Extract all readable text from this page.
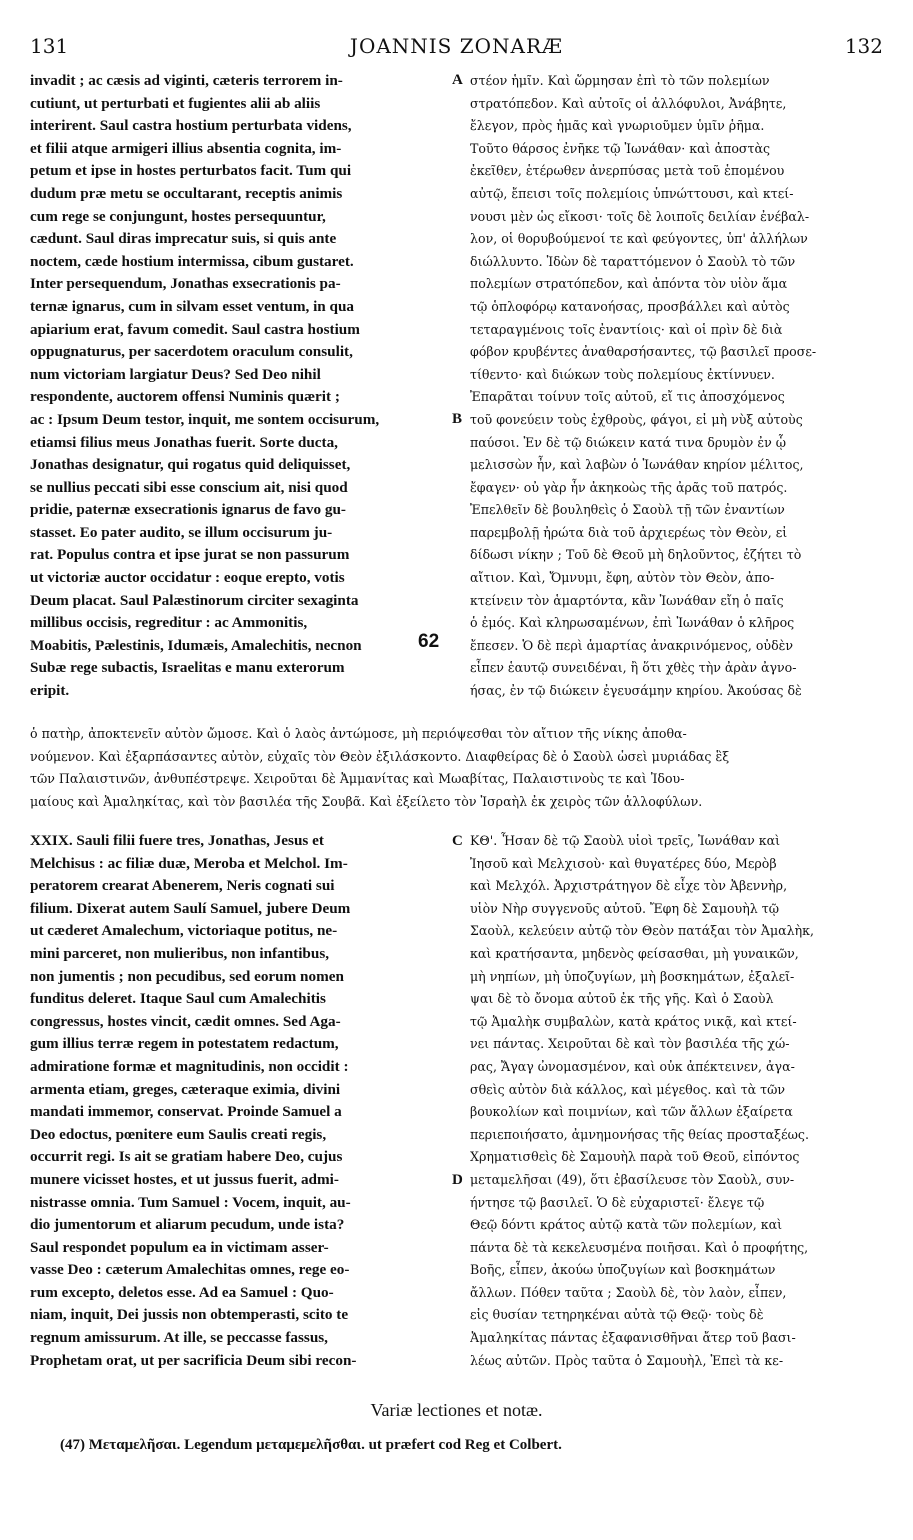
131	JOANNIS ZONARÆ	132
invadit ; ac cæsis ad viginti, cæteris terrorem in-
cutiunt, ut perturbati et fugientes alii ab aliis
interirent. Saul castra hostium perturbata videns,
et filii atque armigeri illius absentia cognita, im-
petum et ipse in hostes perturbatos facit. Tum qui
dudum præ metu se occultarant, receptis animis
cum rege se conjungunt, hostes persequuntur,
cædunt. Saul diras imprecatur suis, si quis ante
noctem, cæde hostium intermissa, cibum gustaret.
Inter persequendum, Jonathas exsecrationis pa-
ternæ ignarus, cum in silvam esset ventum, in qua
apiarium erat, favum comedit. Saul castra hostium
oppugnaturus, per sacerdotem oraculum consulit,
num victoriam largiatur Deus? Sed Deo nihil
respondente, auctorem offensi Numinis quærit ;
ac : Ipsum Deum testor, inquit, me sontem occisurum,
etiamsi filius meus Jonathas fuerit. Sorte ducta,
Jonathas designatur, qui rogatus quid deliquisset,
se nullius peccati sibi esse conscium ait, nisi quod
pridie, paternæ exsecrationis ignarus de favo gu-
stasset. Eo pater audito, se illum occisurum ju-
rat. Populus contra et ipse jurat se non passurum
ut victoriæ auctor occidatur : eoque erepto, votis
Deum placat. Saul Palæstinorum circiter sexaginta
millibus occisis, regreditur : ac Ammonitis,
Moabitis, Pælestinis, Idumæis, Amalechitis, necnon
Subæ rege subactis, Israelitas e manu exterorum
eripit.
στέον ἡμῖν. Καὶ ὥρμησαν ἐπὶ τὸ τῶν πολεμίων
στρατόπεδον. Καὶ αὐτοῖς οἱ ἀλλόφυλοι, Ἀνάβητε,
ἔλεγον, πρὸς ἡμᾶς καὶ γνωριοῦμεν ὑμῖν ῥῆμα.
Τοῦτο θάρσος ἐνῆκε τῷ Ἰωνάθαν· καὶ ἀποστὰς
ἐκεῖθεν, ἑτέρωθεν ἀνερπύσας μετὰ τοῦ ἑπομένου
αὐτῷ, ἔπεισι τοῖς πολεμίοις ὑπνώττουσι, καὶ κτεί-
νουσι μὲν ὡς εἴκοσι· τοῖς δὲ λοιποῖς δειλίαν ἐνέβαλ-
λον, οἱ θορυβούμενοί τε καὶ φεύγοντες, ὑπ' ἀλλήλων
διώλλυντο. Ἰδὼν δὲ ταραττόμενον ὁ Σαοὺλ τὸ τῶν
πολεμίων στρατόπεδον, καὶ ἀπόντα τὸν υἱὸν ἅμα
τῷ ὁπλοφόρῳ κατανοήσας, προσβάλλει καὶ αὐτὸς
τεταραγμένοις τοῖς ἐναντίοις· καὶ οἱ πρὶν δὲ διὰ
φόβον κρυβέντες ἀναθαρσήσαντες, τῷ βασιλεῖ προσε-
τίθεντο· καὶ διώκων τοὺς πολεμίους ἐκτίννυεν.
Ἐπαρᾶται τοίνυν τοῖς αὐτοῦ, εἴ τις ἀποσχόμενος
τοῦ φονεύειν τοὺς ἐχθροὺς, φάγοι, εἰ μὴ νὺξ αὐτοὺς
παύσοι. Ἐν δὲ τῷ διώκειν κατά τινα δρυμὸν ἐν ᾧ
μελισσὼν ἦν, καὶ λαβὼν ὁ Ἰωνάθαν κηρίον μέλιτος,
ἔφαγεν· οὐ γὰρ ἦν ἀκηκοὼς τῆς ἀρᾶς τοῦ πατρός.
Ἐπελθεῖν δὲ βουληθεὶς ὁ Σαοὺλ τῇ τῶν ἐναντίων
παρεμβολῇ ἠρώτα διὰ τοῦ ἀρχιερέως τὸν Θεὸν, εἰ
δίδωσι νίκην ; Τοῦ δὲ Θεοῦ μὴ δηλοῦντος, ἐζήτει τὸ
αἴτιον. Καὶ, Ὄμνυμι, ἔφη, αὐτὸν τὸν Θεὸν, ἀπο-
κτείνειν τὸν ἁμαρτόντα, κἂν Ἰωνάθαν εἴη ὁ παῖς
ὁ ἐμός. Καὶ κληρωσαμένων, ἐπὶ Ἰωνάθαν ὁ κλῆρος
ἔπεσεν. Ὁ δὲ περὶ ἁμαρτίας ἀνακρινόμενος, οὐδὲν
εἶπεν ἑαυτῷ συνειδέναι, ἢ ὅτι χθὲς τὴν ἀρὰν ἀγνο-
ήσας, ἐν τῷ διώκειν ἐγευσάμην κηρίου. Ἀκούσας δὲ
ὁ πατὴρ, ἀποκτενεῖν αὐτὸν ὤμοσε. Καὶ ὁ λαὸς ἀντώμοσε, μὴ περιόψεσθαι τὸν αἴτιον τῆς νίκης ἀποθα-
νούμενον. Καὶ ἐξαρπάσαντες αὐτὸν, εὐχαῖς τὸν Θεὸν ἐξιλάσκοντο. Διαφθείρας δὲ ὁ Σαοὺλ ὡσεὶ μυριάδας ἓξ
τῶν Παλαιστινῶν, ἀνθυπέστρεψε. Χειροῦται δὲ Ἀμμανίτας καὶ Μωαβίτας, Παλαιστινοὺς τε καὶ Ἰδου-
μαίους καὶ Ἀμαληκίτας, καὶ τὸν βασιλέα τῆς Σουβᾶ. Καὶ ἐξείλετο τὸν Ἰσραὴλ ἐκ χειρὸς τῶν ἀλλοφύλων.
XXIX. Sauli filii fuere tres, Jonathas, Jesus et
Melchisus : ac filiæ duæ, Meroba et Melchol. Im-
peratorem crearat Abenerem, Neris cognati sui
filium. Dixerat autem Saulí Samuel, jubere Deum
ut cæderet Amalechum, victoriaque potitus, ne-
mini parceret, non mulieribus, non infantibus,
non jumentis ; non pecudibus, sed eorum nomen
funditus deleret. Itaque Saul cum Amalechitis
congressus, hostes vincit, cædit omnes. Sed Aga-
gum illius terræ regem in potestatem redactum,
admiratione formæ et magnitudinis, non occidit :
armenta etiam, greges, cæteraque eximia, divini
mandati immemor, conservat. Proinde Samuel a
Deo edoctus, pœnitere eum Saulis creati regis,
occurrit regi. Is ait se gratiam habere Deo, cujus
munere vicisset hostes, et ut jussus fuerit, admi-
nistrasse omnia. Tum Samuel : Vocem, inquit, au-
dio jumentorum et aliarum pecudum, unde ista?
Saul respondet populum ea in victimam asser-
vasse Deo : cæterum Amalechitas omnes, rege eo-
rum excepto, deletos esse. Ad ea Samuel : Quo-
niam, inquit, Dei jussis non obtemperasti, scito te
regnum amissurum. At ille, se peccasse fassus,
Prophetam orat, ut per sacrificia Deum sibi recon-
ΚΘ'. Ἦσαν δὲ τῷ Σαοὺλ υἱοὶ τρεῖς, Ἰωνάθαν καὶ
Ἰησοῦ καὶ Μελχισοὺ· καὶ θυγατέρες δύο, Μερὸβ
καὶ Μελχόλ. Ἀρχιστράτηγον δὲ εἶχε τὸν Ἀβεννὴρ,
υἱὸν Νὴρ συγγενοῦς αὐτοῦ. Ἔφη δὲ Σαμουὴλ τῷ
Σαοὺλ, κελεύειν αὐτῷ τὸν Θεὸν πατάξαι τὸν Ἀμαλὴκ,
καὶ κρατήσαντα, μηδενὸς φείσασθαι, μὴ γυναικῶν,
μὴ νηπίων, μὴ ὑποζυγίων, μὴ βοσκημάτων, ἐξαλεῖ-
ψαι δὲ τὸ ὄνομα αὐτοῦ ἐκ τῆς γῆς. Καὶ ὁ Σαοὺλ
τῷ Ἀμαλὴκ συμβαλὼν, κατὰ κράτος νικᾷ, καὶ κτεί-
νει πάντας. Χειροῦται δὲ καὶ τὸν βασιλέα τῆς χώ-
ρας, Ἄγαγ ὠνομασμένον, καὶ οὐκ ἀπέκτεινεν, ἀγα-
σθεὶς αὐτὸν διὰ κάλλος, καὶ μέγεθος. καὶ τὰ τῶν
βουκολίων καὶ ποιμνίων, καὶ τῶν ἄλλων ἐξαίρετα
περιεποιήσατο, ἀμνημονήσας τῆς θείας προσταξέως.
Χρηματισθεὶς δὲ Σαμουὴλ παρὰ τοῦ Θεοῦ, εἰπόντος
μεταμελῆσαι (49), ὅτι ἐβασίλευσε τὸν Σαοὺλ, συν-
ήντησε τῷ βασιλεῖ. Ὁ δὲ εὐχαριστεῖ· ἔλεγε τῷ
Θεῷ δόντι κράτος αὐτῷ κατὰ τῶν πολεμίων, καὶ
πάντα δὲ τὰ κεκελευσμένα ποιῆσαι. Καὶ ὁ προφήτης,
Βοῆς, εἶπεν, ἀκούω ὑποζυγίων καὶ βοσκημάτων
ἄλλων. Πόθεν ταῦτα ; Σαοὺλ δὲ, τὸν λαὸν, εἶπεν,
εἰς θυσίαν τετηρηκέναι αὐτὰ τῷ Θεῷ· τοὺς δὲ
Ἀμαληκίτας πάντας ἐξαφανισθῆναι ἄτερ τοῦ βασι-
λέως αὐτῶν. Πρὸς ταῦτα ὁ Σαμουὴλ, Ἐπεὶ τὰ κε-
A
B
C
D
62
Variæ lectiones et notæ.
(47) Μεταμελῆσαι. Legendum μεταμεμελῆσθαι. ut præfert cod Reg et Colbert.
